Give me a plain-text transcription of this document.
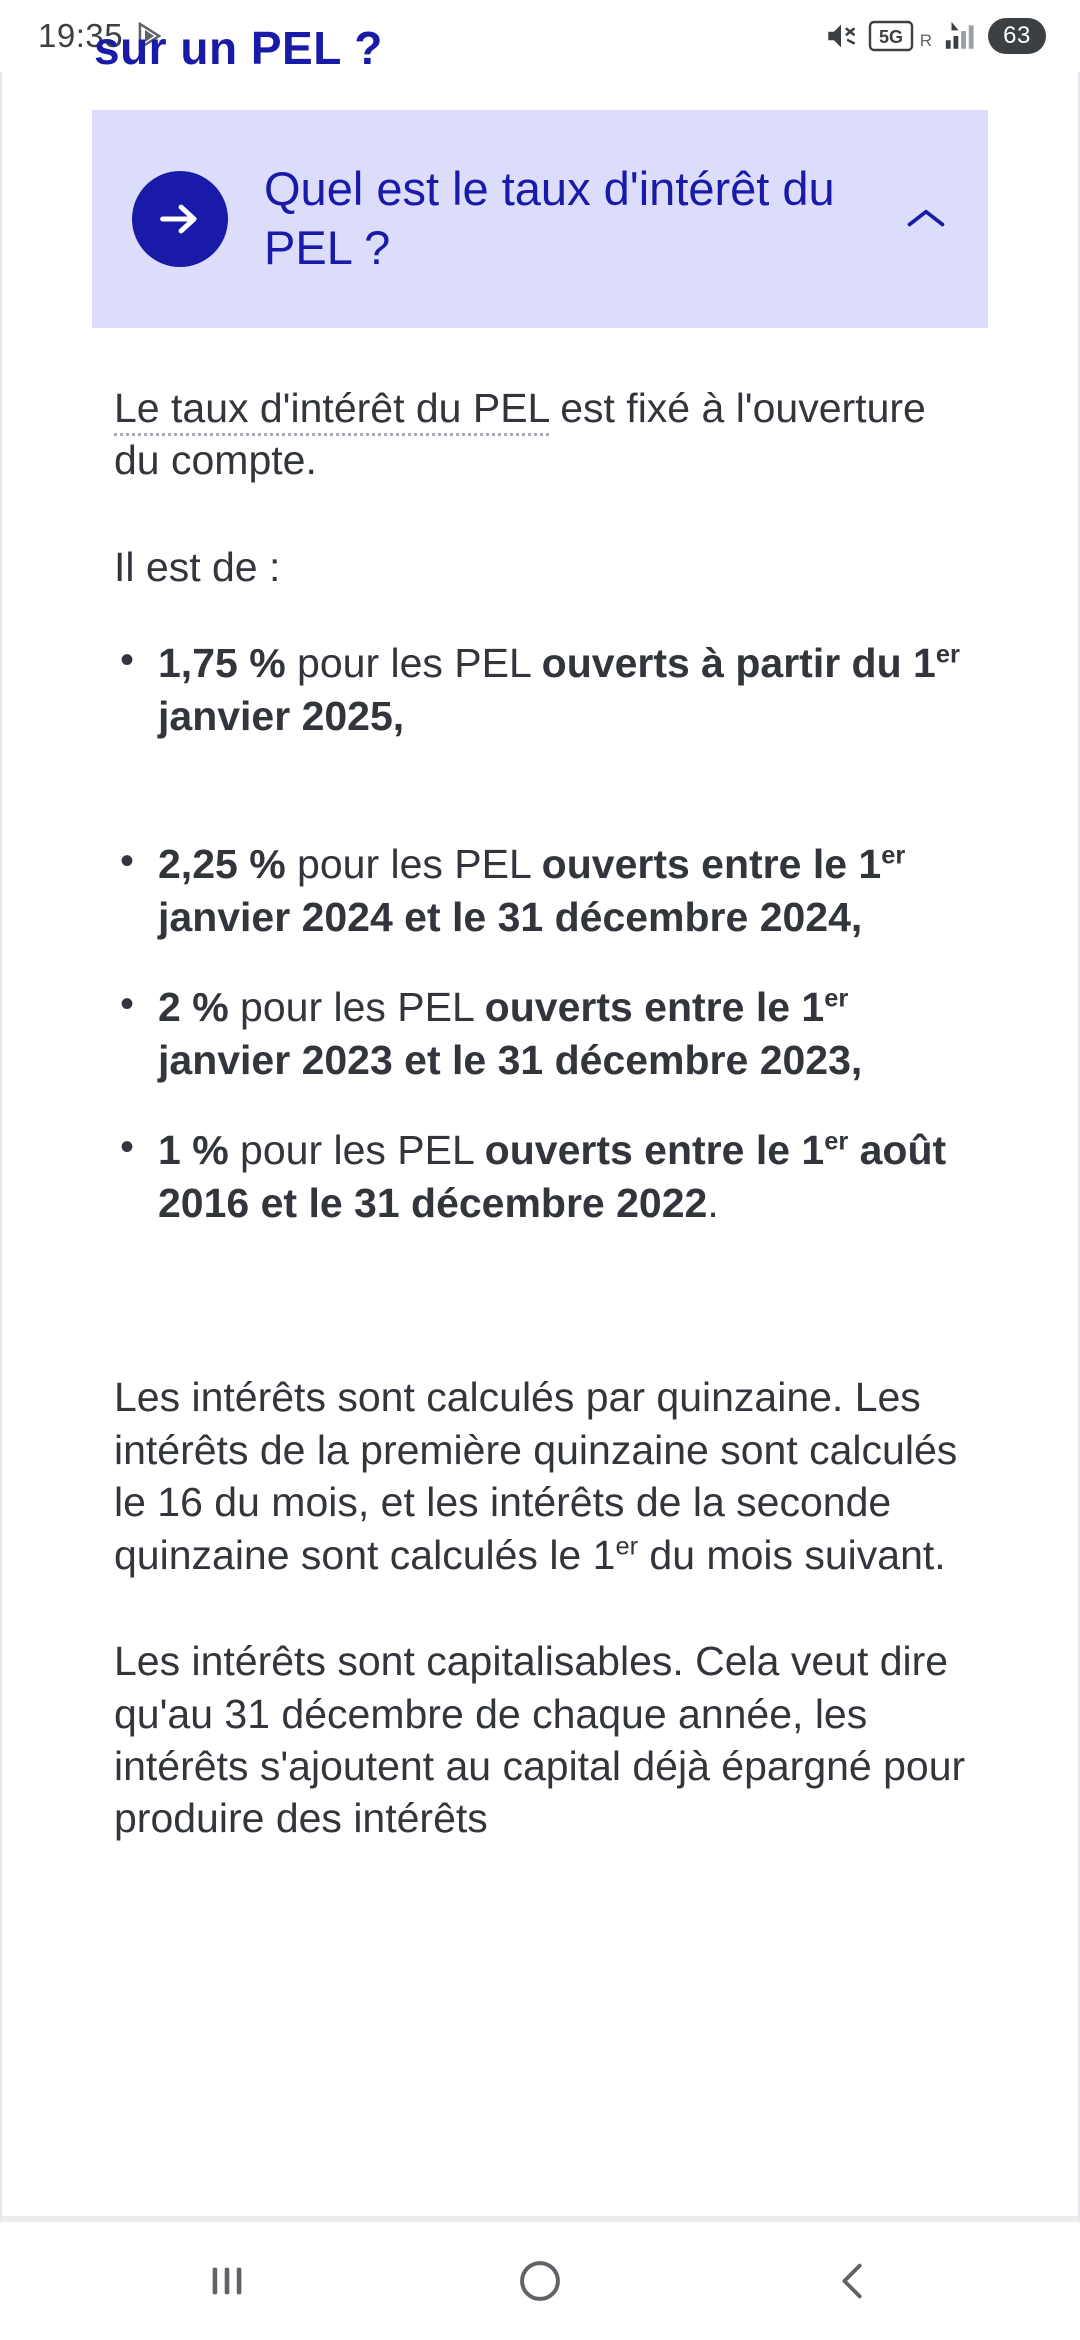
19:35	5G R	63
sur un PEL ?
Quel est le taux d'intérêt du PEL ?

Le taux d'intérêt du PEL est fixé à l'ouverture du compte.

Il est de :

• 1,75 % pour les PEL ouverts à partir du 1er janvier 2025,
• 2,25 % pour les PEL ouverts entre le 1er janvier 2024 et le 31 décembre 2024,
• 2 % pour les PEL ouverts entre le 1er janvier 2023 et le 31 décembre 2023,
• 1 % pour les PEL ouverts entre le 1er août 2016 et le 31 décembre 2022.

Les intérêts sont calculés par quinzaine. Les intérêts de la première quinzaine sont calculés le 16 du mois, et les intérêts de la seconde quinzaine sont calculés le 1er du mois suivant.

Les intérêts sont capitalisables. Cela veut dire qu'au 31 décembre de chaque année, les intérêts s'ajoutent au capital déjà épargné pour produire des intérêts
